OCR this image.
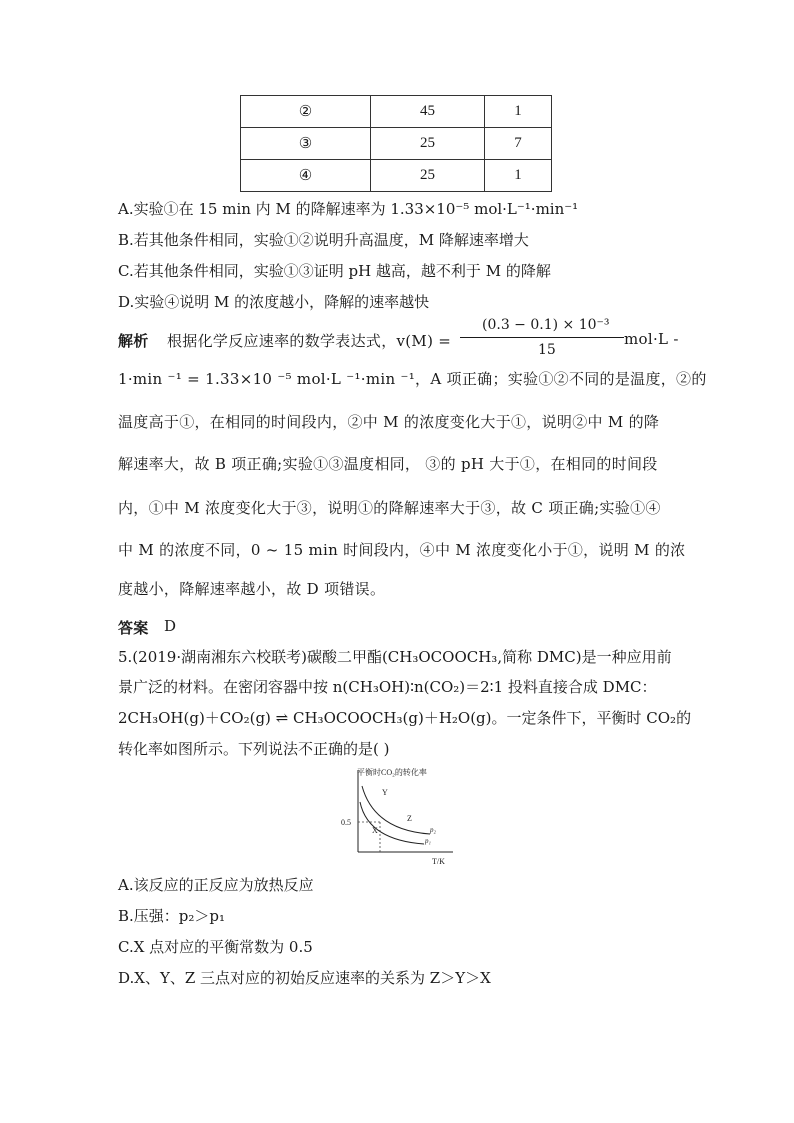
②	45	1
③	25	7
④	25	1
A.实验①在 15 min 内 M 的降解速率为 1.33×10⁻⁵ mol·L⁻¹·min⁻¹
B.若其他条件相同，实验①②说明升高温度，M 降解速率增大
C.若其他条件相同，实验①③证明 pH 越高，越不利于 M 的降解
D.实验④说明 M 的浓度越小，降解的速率越快
解析 根据化学反应速率的数学表达式，v(M) =
(0.3 − 0.1) × 10⁻³
15
mol·L -
1·min ⁻¹ = 1.33×10 ⁻⁵ mol·L ⁻¹·min ⁻¹，A 项正确；实验①②不同的是温度，②的
温度高于①，在相同的时间段内，②中 M 的浓度变化大于①，说明②中 M 的降
解速率大，故 B 项正确;实验①③温度相同， ③的 pH 大于①，在相同的时间段
内，①中 M 浓度变化大于③，说明①的降解速率大于③，故 C 项正确;实验①④
中 M 的浓度不同，0 ~ 15 min 时间段内，④中 M 浓度变化小于①，说明 M 的浓
度越小，降解速率越小，故 D 项错误。
答案 D
5.(2019·湖南湘东六校联考)碳酸二甲酯(CH₃OCOOCH₃,简称 DMC)是一种应用前
景广泛的材料。在密闭容器中按 n(CH₃OH)∶n(CO₂)＝2∶1 投料直接合成 DMC：
2CH₃OH(g)＋CO₂(g) ⇌ CH₃OCOOCH₃(g)＋H₂O(g)。一定条件下，平衡时 CO₂的
转化率如图所示。下列说法不正确的是( )
平衡时CO₂的转化率
0.5
X
Y
Z
p₂
p₁
T/K
A.该反应的正反应为放热反应
B.压强：p₂＞p₁
C.X 点对应的平衡常数为 0.5
D.X、Y、Z 三点对应的初始反应速率的关系为 Z＞Y＞X
